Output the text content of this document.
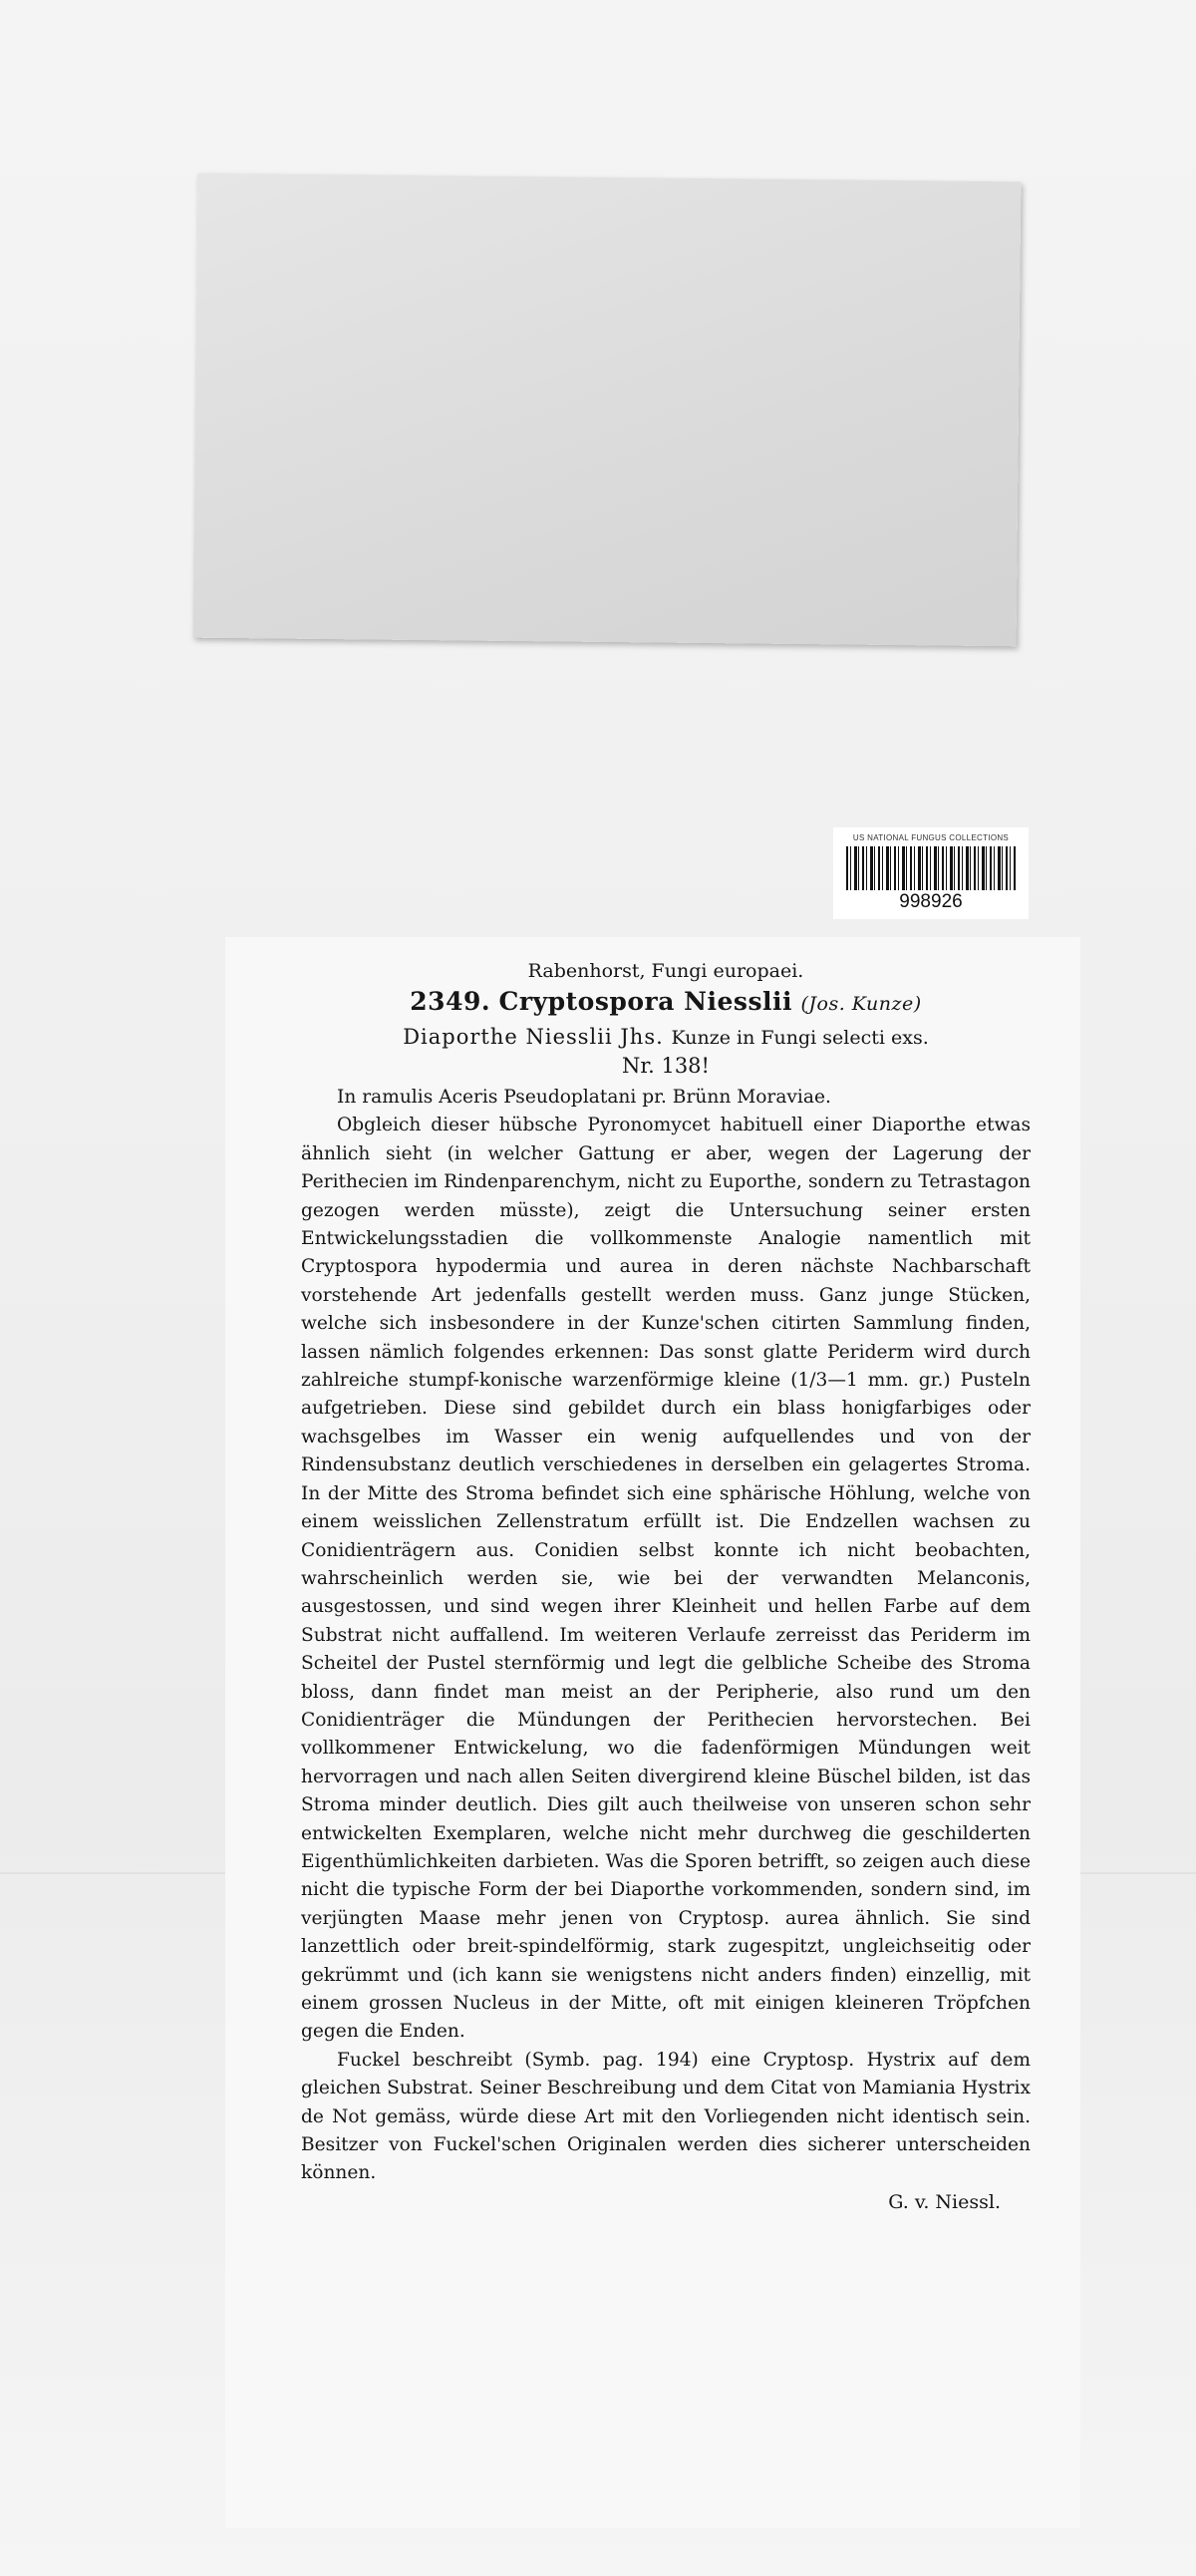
US NATIONAL FUNGUS COLLECTIONS
998926

Rabenhorst, Fungi europaei.

2349. Cryptospora Niesslii (Jos. Kunze)

Diaporthe Niesslii Jhs. Kunze in Fungi selecti exs.

Nr. 138!

In ramulis Aceris Pseudoplatani pr. Brünn Moraviae.

Obgleich dieser hübsche Pyronomycet habituell einer Diaporthe etwas ähnlich sieht (in welcher Gattung er aber, wegen der Lagerung der Perithecien im Rindenparenchym, nicht zu Euporthe, sondern zu Tetrastagon gezogen werden müsste), zeigt die Untersuchung seiner ersten Entwickelungsstadien die vollkommenste Analogie namentlich mit Cryptospora hypodermia und aurea in deren nächste Nachbarschaft vorstehende Art jedenfalls gestellt werden muss. Ganz junge Stücken, welche sich insbesondere in der Kunze'schen citirten Sammlung finden, lassen nämlich folgendes erkennen: Das sonst glatte Periderm wird durch zahlreiche stumpf-konische warzenförmige kleine (1/3—1 mm. gr.) Pusteln aufgetrieben. Diese sind gebildet durch ein blass honigfarbiges oder wachsgelbes im Wasser ein wenig aufquellendes und von der Rindensubstanz deutlich verschiedenes in derselben ein gelagertes Stroma. In der Mitte des Stroma befindet sich eine sphärische Höhlung, welche von einem weisslichen Zellenstratum erfüllt ist. Die Endzellen wachsen zu Conidienträgern aus. Conidien selbst konnte ich nicht beobachten, wahrscheinlich werden sie, wie bei der verwandten Melanconis, ausgestossen, und sind wegen ihrer Kleinheit und hellen Farbe auf dem Substrat nicht auffallend. Im weiteren Verlaufe zerreisst das Periderm im Scheitel der Pustel sternförmig und legt die gelbliche Scheibe des Stroma bloss, dann findet man meist an der Peripherie, also rund um den Conidienträger die Mündungen der Perithecien hervorstechen. Bei vollkommener Entwickelung, wo die fadenförmigen Mündungen weit hervorragen und nach allen Seiten divergirend kleine Büschel bilden, ist das Stroma minder deutlich. Dies gilt auch theilweise von unseren schon sehr entwickelten Exemplaren, welche nicht mehr durchweg die geschilderten Eigenthümlichkeiten darbieten. Was die Sporen betrifft, so zeigen auch diese nicht die typische Form der bei Diaporthe vorkommenden, sondern sind, im verjüngten Maase mehr jenen von Cryptosp. aurea ähnlich. Sie sind lanzettlich oder breit-spindelförmig, stark zugespitzt, ungleichseitig oder gekrümmt und (ich kann sie wenigstens nicht anders finden) einzellig, mit einem grossen Nucleus in der Mitte, oft mit einigen kleineren Tröpfchen gegen die Enden.

Fuckel beschreibt (Symb. pag. 194) eine Cryptosp. Hystrix auf dem gleichen Substrat. Seiner Beschreibung und dem Citat von Mamiania Hystrix de Not gemäss, würde diese Art mit den Vorliegenden nicht identisch sein. Besitzer von Fuckel'schen Originalen werden dies sicherer unterscheiden können.

G. v. Niessl.
